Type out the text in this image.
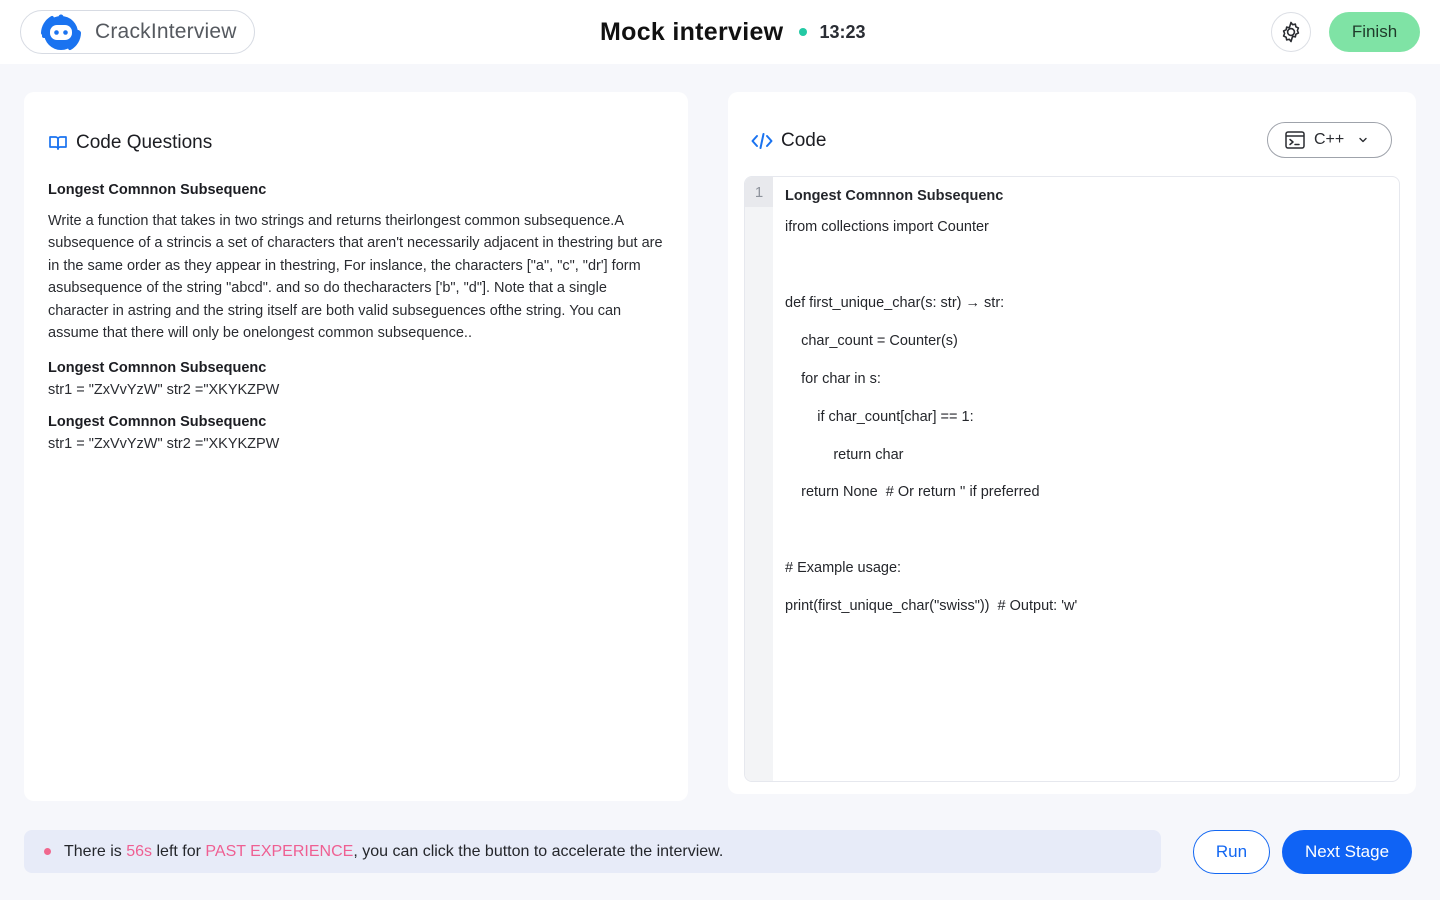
CrackInterview	Mock interview 13:23	Finish
Code Questions
Longest Comnnon Subsequenc
Write a function that takes in two strings and returns theirlongest common subsequence.A subsequence of a strincis a set of characters that aren't necessarily adjacent in thestring but are in the same order as they appear in thestring, For inslance, the characters ["a", "c", "dr'] form asubsequence of the string "abcd". and so do thecharacters ['b", "d"]. Note that a single character in astring and the string itself are both valid subseguences ofthe string. You can assume that there will only be onelongest common subsequence..
Longest Comnnon Subsequenc
str1 = "ZxVvYzW" str2 ="XKYKZPW
Longest Comnnon Subsequenc
str1 = "ZxVvYzW" str2 ="XKYKZPW
Code	C++
1	Longest Comnnon Subsequenc
ifrom collections import Counter
def first_unique_char(s: str) → str:
char_count = Counter(s)
for char in s:
if char_count[char] == 1:
return char
return None  # Or return '' if preferred
# Example usage:
print(first_unique_char("swiss"))  # Output: 'w'
There is 56s left for PAST EXPERIENCE, you can click the button to accelerate the interview.	Run	Next Stage
